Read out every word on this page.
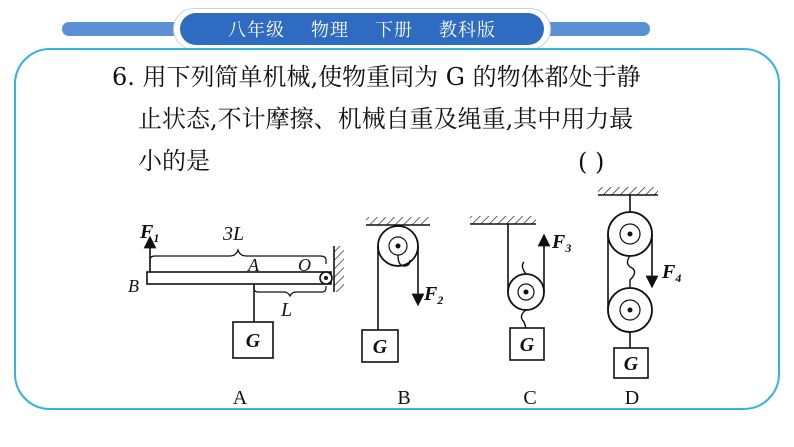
八年级 物理 下册 教科版
6. 用下列简单机械,使物重同为 G 的物体都处于静
止状态,不计摩擦、机械自重及绳重,其中用力最
小的是	( )
$F_1$	3L
A O
B
L
G
A
$F_2$
G
B
$F_3$
G
C
$F_4$
G
D
